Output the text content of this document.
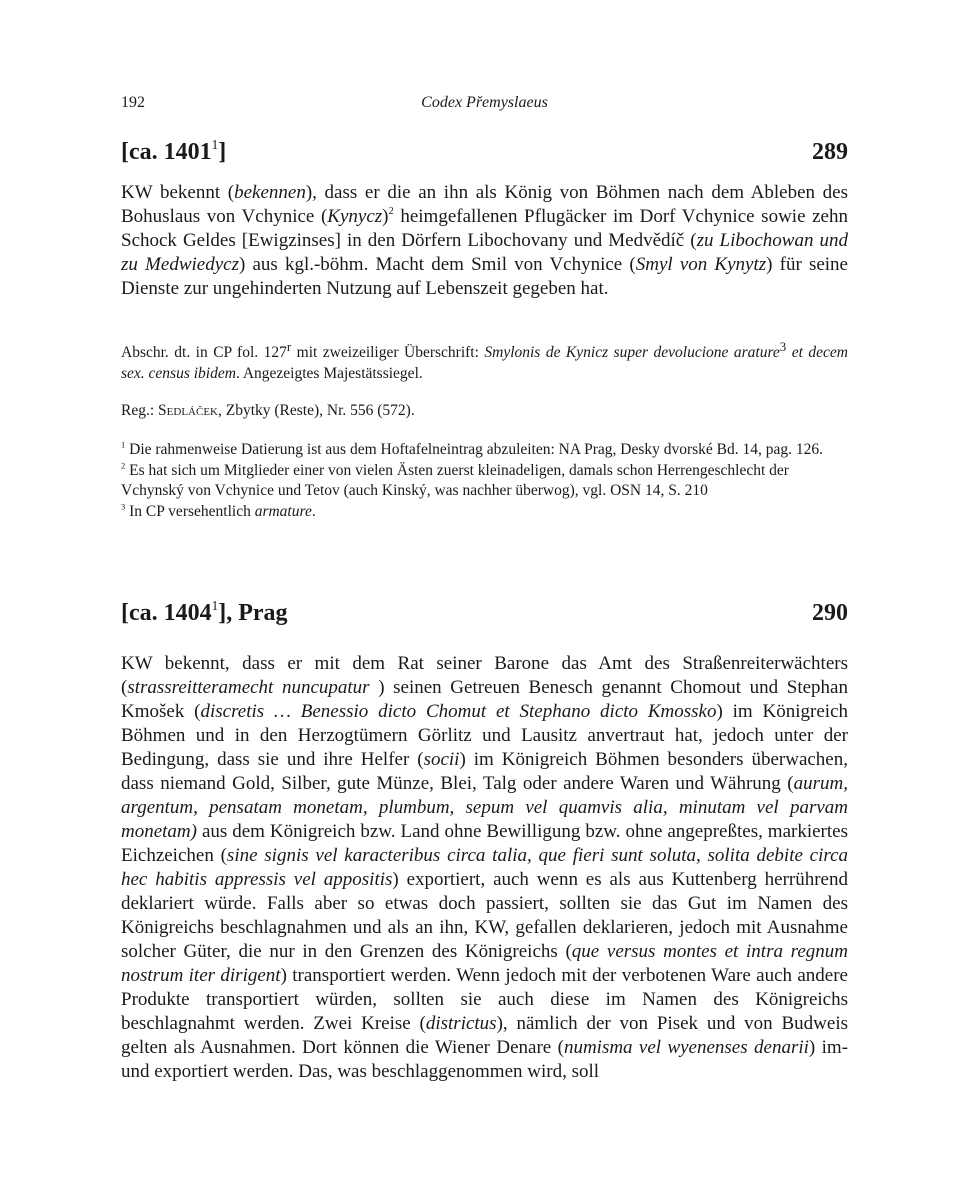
192	Codex Přemyslaeus
[ca. 1401$^1$]	289
KW bekennt (bekennen), dass er die an ihn als König von Böhmen nach dem Ableben des Bohuslaus von Vchynice (Kynycz)$^2$ heimgefallenen Pflugäcker im Dorf Vchynice sowie zehn Schock Geldes [Ewigzinses] in den Dörfern Libochovany und Medvědíč (zu Libochowan und zu Medwiedycz) aus kgl.-böhm. Macht dem Smil von Vchynice (Smyl von Kynytz) für seine Dienste zur ungehinderten Nutzung auf Lebenszeit gegeben hat.
Abschr. dt. in CP fol. 127$^r$ mit zweizeiliger Überschrift: Smylonis de Kynicz super devolucione arature$^3$ et decem sex. census ibidem. Angezeigtes Majestätssiegel.
Reg.: Sedláček, Zbytky (Reste), Nr. 556 (572).

$^1$ Die rahmenweise Datierung ist aus dem Hoftafelneintrag abzuleiten: NA Prag, Desky dvorské Bd. 14, pag. 126.

$^2$ Es hat sich um Mitglieder einer von vielen Ästen zuerst kleinadeligen, damals schon Herrengeschlecht der Vchynský von Vchynice und Tetov (auch Kinský, was nachher überwog), vgl. OSN 14, S. 210

$^3$ In CP versehentlich armature.

[ca. 1404$^1$], Prag	290
KW bekennt, dass er mit dem Rat seiner Barone das Amt des Straßenreiterwächters (strassreitteramecht nuncupatur ) seinen Getreuen Benesch genannt Chomout und Stephan Kmošek (discretis … Benessio dicto Chomut et Stephano dicto Kmossko) im Königreich Böhmen und in den Herzogtümern Görlitz und Lausitz anvertraut hat, jedoch unter der Bedingung, dass sie und ihre Helfer (socii) im Königreich Böhmen besonders überwachen, dass niemand Gold, Silber, gute Münze, Blei, Talg oder andere Waren und Währung (aurum, argentum, pensatam monetam, plumbum, sepum vel quamvis alia, minutam vel parvam monetam) aus dem Königreich bzw. Land ohne Bewilligung bzw. ohne angepreßtes, markiertes Eichzeichen (sine signis vel karacteribus circa talia, que fieri sunt soluta, solita debite circa hec habitis appressis vel appositis) exportiert, auch wenn es als aus Kuttenberg herrührend deklariert würde. Falls aber so etwas doch passiert, sollten sie das Gut im Namen des Königreichs beschlagnahmen und als an ihn, KW, gefallen deklarieren, jedoch mit Ausnahme solcher Güter, die nur in den Grenzen des Königreichs (que versus montes et intra regnum nostrum iter dirigent) transportiert werden. Wenn jedoch mit der verbotenen Ware auch andere Produkte transportiert würden, sollten sie auch diese im Namen des Königreichs beschlagnahmt werden. Zwei Kreise (districtus), nämlich der von Pisek und von Budweis gelten als Ausnahmen. Dort können die Wiener Denare (numisma vel wyenenses denarii) im- und exportiert werden. Das, was beschlaggenommen wird, soll
